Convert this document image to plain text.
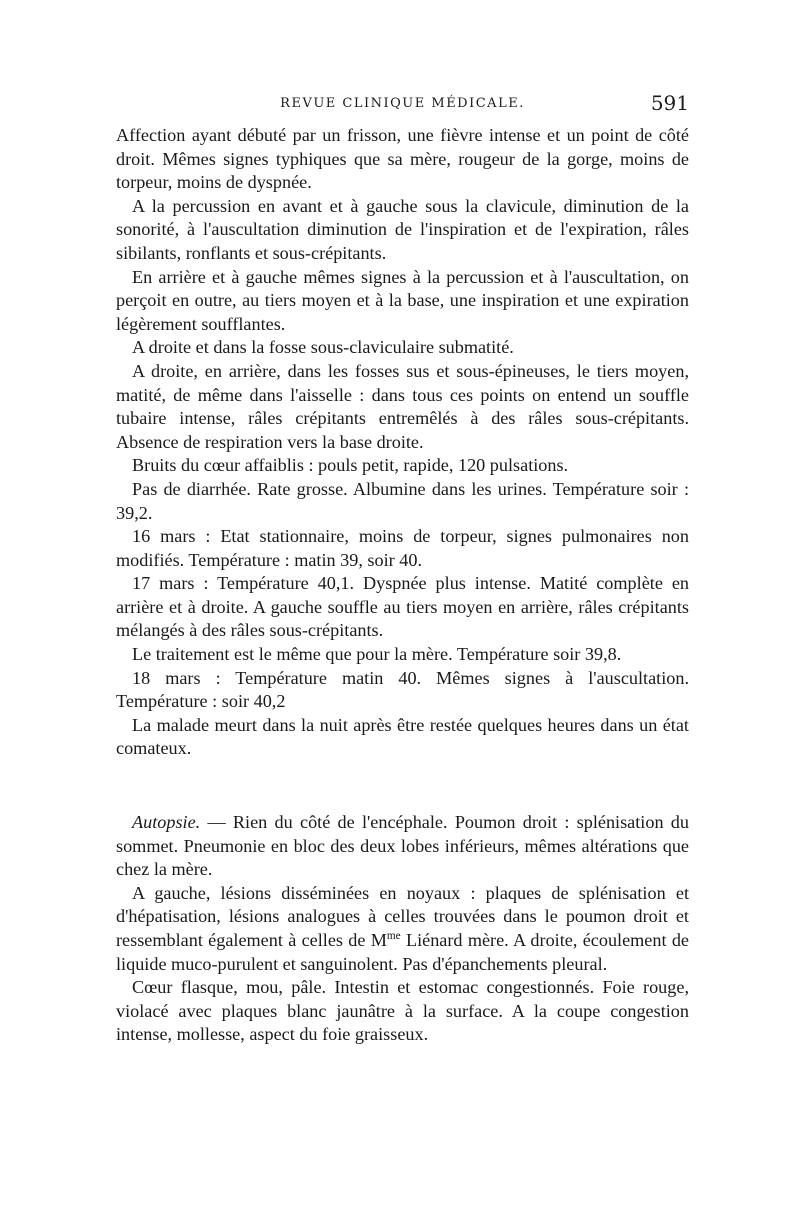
REVUE CLINIQUE MÉDICALE.	591

Affection ayant débuté par un frisson, une fièvre intense et un point de côté droit. Mêmes signes typhiques que sa mère, rougeur de la gorge, moins de torpeur, moins de dyspnée.

A la percussion en avant et à gauche sous la clavicule, diminution de la sonorité, à l'auscultation diminution de l'inspiration et de l'expiration, râles sibilants, ronflants et sous-crépitants.

En arrière et à gauche mêmes signes à la percussion et à l'auscultation, on perçoit en outre, au tiers moyen et à la base, une inspiration et une expiration légèrement soufflantes.

A droite et dans la fosse sous-claviculaire submatité.

A droite, en arrière, dans les fosses sus et sous-épineuses, le tiers moyen, matité, de même dans l'aisselle : dans tous ces points on entend un souffle tubaire intense, râles crépitants entremêlés à des râles sous-crépitants. Absence de respiration vers la base droite.

Bruits du cœur affaiblis : pouls petit, rapide, 120 pulsations.

Pas de diarrhée. Rate grosse. Albumine dans les urines. Température soir : 39,2.

16 mars : Etat stationnaire, moins de torpeur, signes pulmonaires non modifiés. Température : matin 39, soir 40.

17 mars : Température 40,1. Dyspnée plus intense. Matité complète en arrière et à droite. A gauche souffle au tiers moyen en arrière, râles crépitants mélangés à des râles sous-crépitants.

Le traitement est le même que pour la mère. Température soir 39,8.

18 mars : Température matin 40. Mêmes signes à l'auscultation. Température : soir 40,2

La malade meurt dans la nuit après être restée quelques heures dans un état comateux.

Autopsie. — Rien du côté de l'encéphale. Poumon droit : splénisation du sommet. Pneumonie en bloc des deux lobes inférieurs, mêmes altérations que chez la mère.

A gauche, lésions disséminées en noyaux : plaques de splénisation et d'hépatisation, lésions analogues à celles trouvées dans le poumon droit et ressemblant également à celles de $M^{me}$ Liénard mère. A droite, écoulement de liquide muco-purulent et sanguinolent. Pas d'épanchements pleural.

Cœur flasque, mou, pâle. Intestin et estomac congestionnés. Foie rouge, violacé avec plaques blanc jaunâtre à la surface. A la coupe congestion intense, mollesse, aspect du foie graisseux.
